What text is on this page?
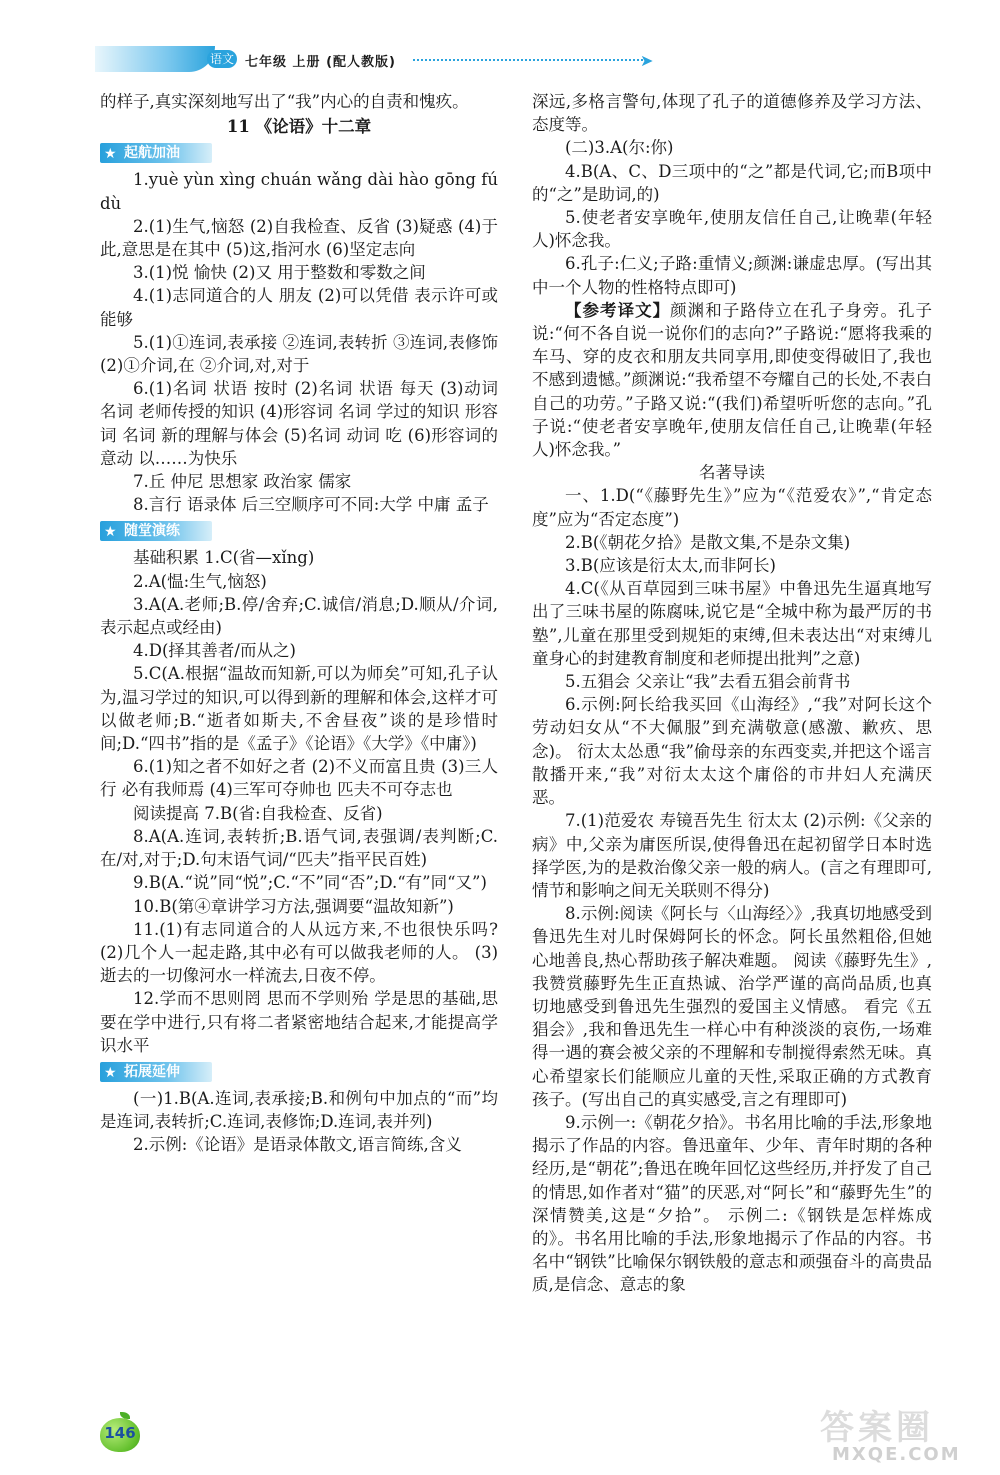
语文 七年级 上册 (配人教版)	➤

的样子,真实深刻地写出了“我”内心的自责和愧疚。

11 《论语》十二章

★ 起航加油

1.yuè yùn xìng chuán wǎng dài hào gōng fú dù

2.(1)生气,恼怒 (2)自我检查、反省 (3)疑惑 (4)于此,意思是在其中 (5)这,指河水 (6)坚定志向

3.(1)悦 愉快 (2)又 用于整数和零数之间

4.(1)志同道合的人 朋友 (2)可以凭借 表示许可或能够

5.(1)①连词,表承接 ②连词,表转折 ③连词,表修饰 (2)①介词,在 ②介词,对,对于

6.(1)名词 状语 按时 (2)名词 状语 每天 (3)动词 名词 老师传授的知识 (4)形容词 名词 学过的知识 形容词 名词 新的理解与体会 (5)名词 动词 吃 (6)形容词的意动 以……为快乐

7.丘 仲尼 思想家 政治家 儒家

8.言行 语录体 后三空顺序可不同:大学 中庸 孟子

★ 随堂演练

基础积累 1.C(省—xǐng)

2.A(愠:生气,恼怒)

3.A(A.老师;B.停/舍弃;C.诚信/消息;D.顺从/介词,表示起点或经由)

4.D(择其善者/而从之)

5.C(A.根据“温故而知新,可以为师矣”可知,孔子认为,温习学过的知识,可以得到新的理解和体会,这样才可以做老师;B.“逝者如斯夫,不舍昼夜”谈的是珍惜时间;D.“四书”指的是《孟子》《论语》《大学》《中庸》)

6.(1)知之者不如好之者 (2)不义而富且贵 (3)三人行 必有我师焉 (4)三军可夺帅也 匹夫不可夺志也

阅读提高 7.B(省:自我检查、反省)

8.A(A.连词,表转折;B.语气词,表强调/表判断;C.在/对,对于;D.句末语气词/“匹夫”指平民百姓)

9.B(A.“说”同“悦”;C.“不”同“否”;D.“有”同“又”)

10.B(第④章讲学习方法,强调要“温故知新”)

11.(1)有志同道合的人从远方来,不也很快乐吗? (2)几个人一起走路,其中必有可以做我老师的人。 (3)逝去的一切像河水一样流去,日夜不停。

12.学而不思则罔 思而不学则殆 学是思的基础,思要在学中进行,只有将二者紧密地结合起来,才能提高学识水平

★ 拓展延伸

(一)1.B(A.连词,表承接;B.和例句中加点的“而”均是连词,表转折;C.连词,表修饰;D.连词,表并列)

2.示例:《论语》是语录体散文,语言简练,含义

深远,多格言警句,体现了孔子的道德修养及学习方法、态度等。

(二)3.A(尔:你)

4.B(A、C、D三项中的“之”都是代词,它;而B项中的“之”是助词,的)

5.使老者安享晚年,使朋友信任自己,让晚辈(年轻人)怀念我。

6.孔子:仁义;子路:重情义;颜渊:谦虚忠厚。(写出其中一个人物的性格特点即可)

【参考译文】颜渊和子路侍立在孔子身旁。孔子说:“何不各自说一说你们的志向?”子路说:“愿将我乘的车马、穿的皮衣和朋友共同享用,即使变得破旧了,我也不感到遗憾。”颜渊说:“我希望不夸耀自己的长处,不表白自己的功劳。”子路又说:“(我们)希望听听您的志向。”孔子说:“使老者安享晚年,使朋友信任自己,让晚辈(年轻人)怀念我。”

名著导读

一、1.D(“《藤野先生》”应为“《范爱农》”,“肯定态度”应为“否定态度”)

2.B(《朝花夕拾》是散文集,不是杂文集)

3.B(应该是衍太太,而非阿长)

4.C(《从百草园到三味书屋》中鲁迅先生逼真地写出了三味书屋的陈腐味,说它是“全城中称为最严厉的书塾”,儿童在那里受到规矩的束缚,但未表达出“对束缚儿童身心的封建教育制度和老师提出批判”之意)

5.五猖会 父亲让“我”去看五猖会前背书

6.示例:阿长给我买回《山海经》,“我”对阿长这个劳动妇女从“不大佩服”到充满敬意(感激、歉疚、思念)。 衍太太怂恿“我”偷母亲的东西变卖,并把这个谣言散播开来,“我”对衍太太这个庸俗的市井妇人充满厌恶。

7.(1)范爱农 寿镜吾先生 衍太太 (2)示例:《父亲的病》中,父亲为庸医所误,使得鲁迅在起初留学日本时选择学医,为的是救治像父亲一般的病人。(言之有理即可,情节和影响之间无关联则不得分)

8.示例:阅读《阿长与〈山海经〉》,我真切地感受到鲁迅先生对儿时保姆阿长的怀念。阿长虽然粗俗,但她心地善良,热心帮助孩子解决难题。 阅读《藤野先生》,我赞赏藤野先生正直热诚、治学严谨的高尚品质,也真切地感受到鲁迅先生强烈的爱国主义情感。 看完《五猖会》,我和鲁迅先生一样心中有种淡淡的哀伤,一场难得一遇的赛会被父亲的不理解和专制搅得索然无味。真心希望家长们能顺应儿童的天性,采取正确的方式教育孩子。(写出自己的真实感受,言之有理即可)

9.示例一:《朝花夕拾》。书名用比喻的手法,形象地揭示了作品的内容。鲁迅童年、少年、青年时期的各种经历,是“朝花”;鲁迅在晚年回忆这些经历,并抒发了自己的情思,如作者对“猫”的厌恶,对“阿长”和“藤野先生”的深情赞美,这是“夕拾”。 示例二:《钢铁是怎样炼成的》。书名用比喻的手法,形象地揭示了作品的内容。书名中“钢铁”比喻保尔钢铁般的意志和顽强奋斗的高贵品质,是信念、意志的象

146	答案圈
MXQE.COM
